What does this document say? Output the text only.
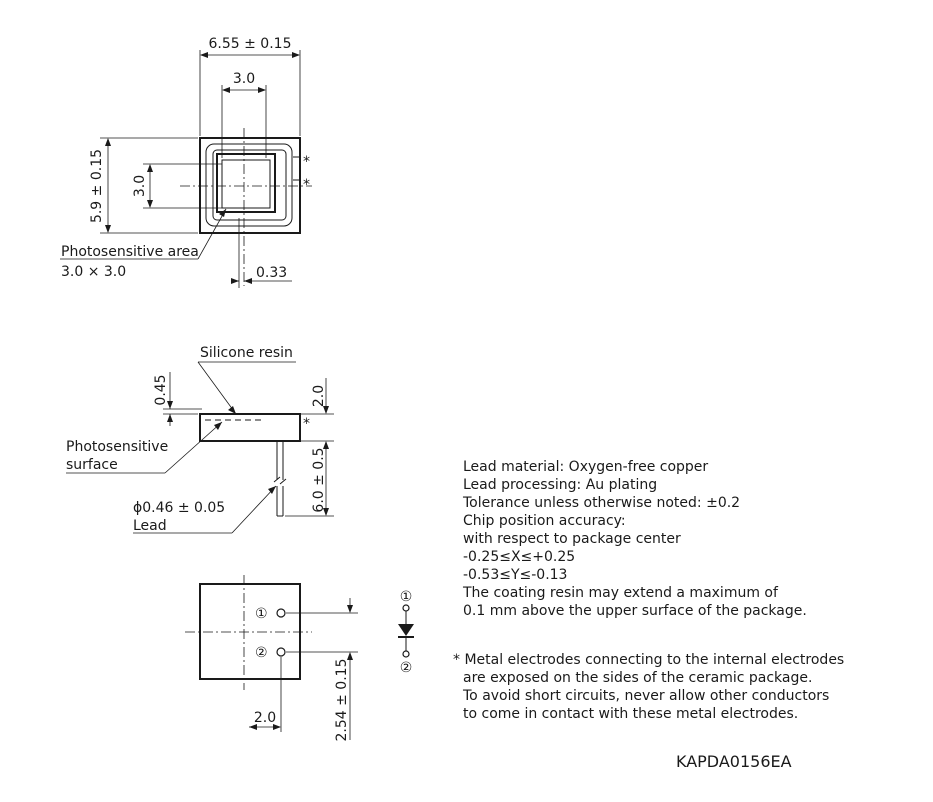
*
*
6.55 ± 0.15
3.0
5.9 ± 0.15 3.0
0.33
Photosensitive area
3.0 × 3.0
*
Silicone resin
0.45	2.0
6.0 ± 0.5
Photosensitive
surface
ϕ0.46 ± 0.05
Lead
①
②
2.54 ± 0.15
2.0
①
②
Lead material: Oxygen-free copper
Lead processing: Au plating
Tolerance unless otherwise noted: ±0.2
Chip position accuracy:
with respect to package center
-0.25≤X≤+0.25
-0.53≤Y≤-0.13
The coating resin may extend a maximum of
0.1 mm above the upper surface of the package.
* Metal electrodes connecting to the internal electrodes
are exposed on the sides of the ceramic package.
To avoid short circuits, never allow other conductors
to come in contact with these metal electrodes.
KAPDA0156EA
